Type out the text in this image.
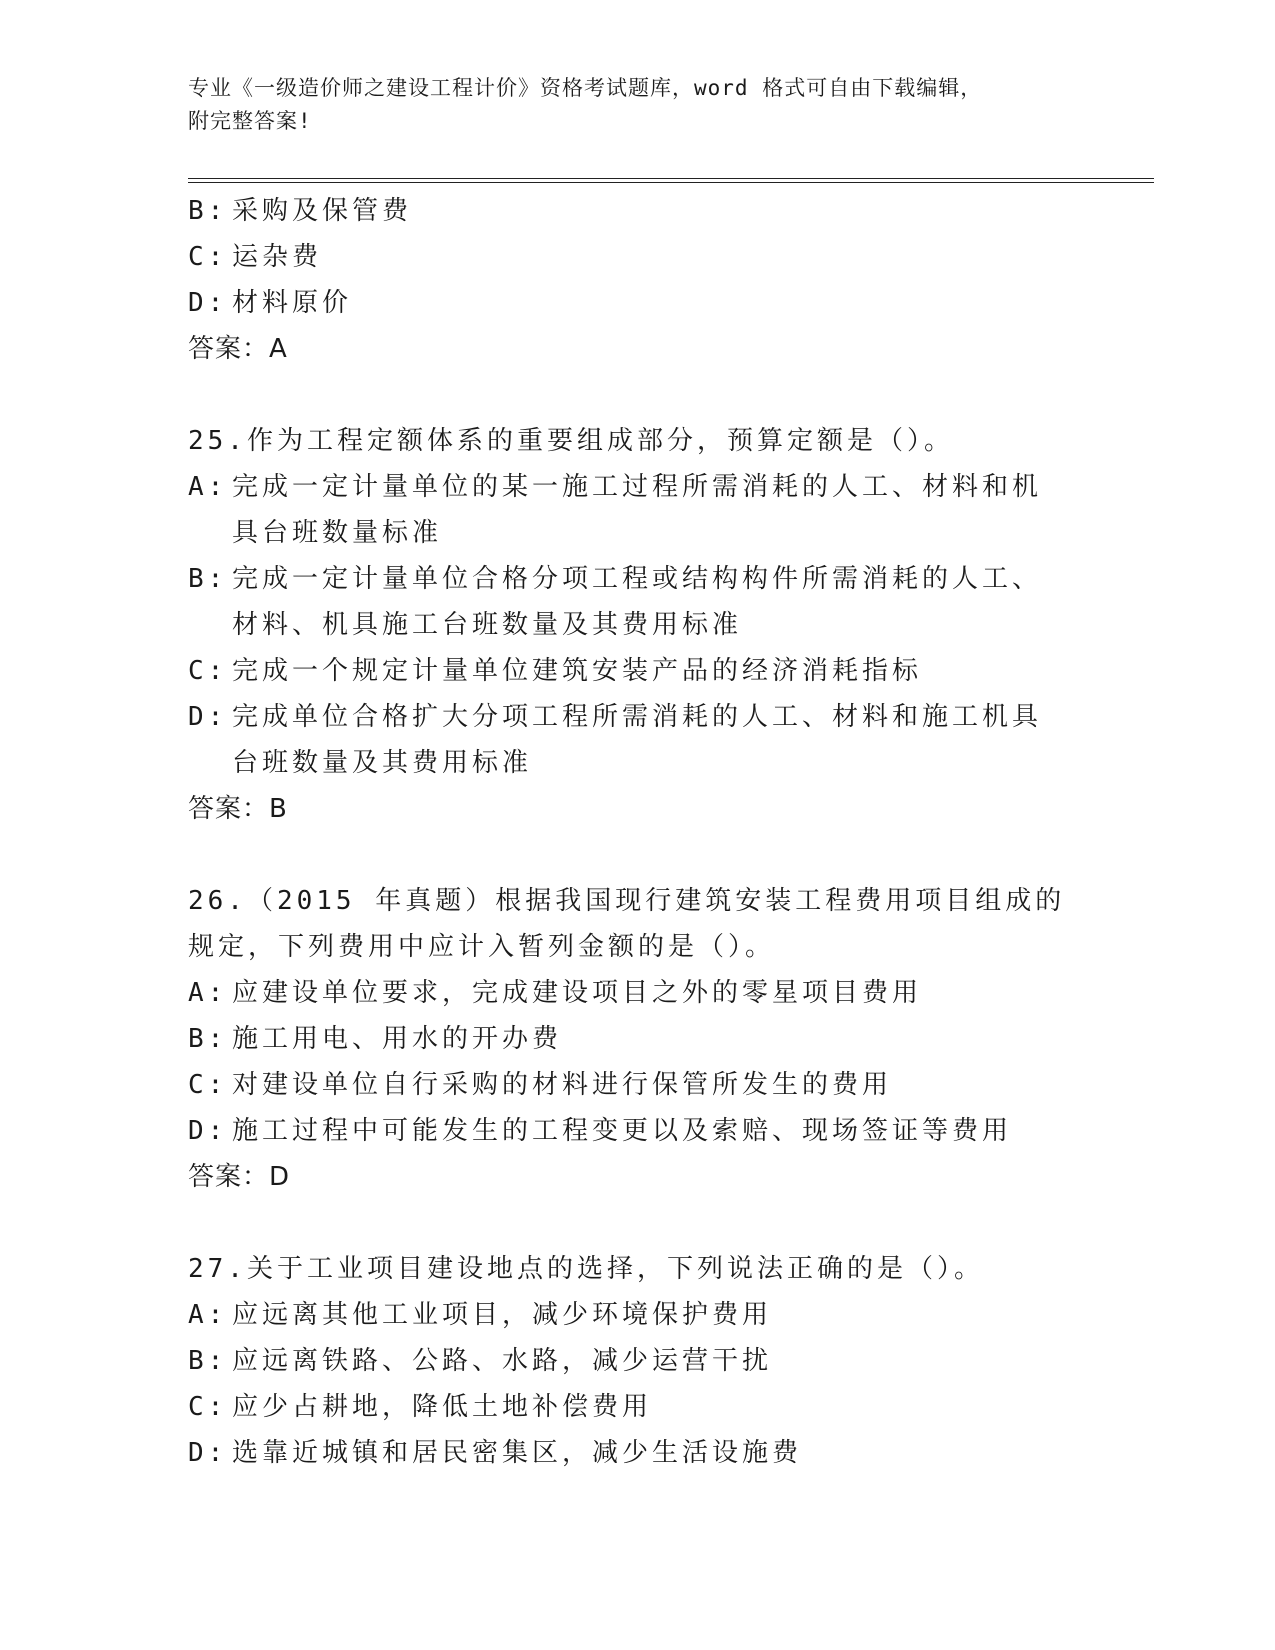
专业《一级造价师之建设工程计价》资格考试题库，word 格式可自由下载编辑，
附完整答案!
B: 采购及保管费
C: 运杂费
D: 材料原价
答案：A
25.作为工程定额体系的重要组成部分，预算定额是（）。
A: 完成一定计量单位的某一施工过程所需消耗的人工、材料和机具台班数量标准
B: 完成一定计量单位合格分项工程或结构构件所需消耗的人工、材料、机具施工台班数量及其费用标准
C: 完成一个规定计量单位建筑安装产品的经济消耗指标
D: 完成单位合格扩大分项工程所需消耗的人工、材料和施工机具台班数量及其费用标准
答案：B
26.（2015 年真题）根据我国现行建筑安装工程费用项目组成的规定，下列费用中应计入暂列金额的是（）。
A: 应建设单位要求，完成建设项目之外的零星项目费用
B: 施工用电、用水的开办费
C: 对建设单位自行采购的材料进行保管所发生的费用
D: 施工过程中可能发生的工程变更以及索赔、现场签证等费用
答案：D
27.关于工业项目建设地点的选择，下列说法正确的是（）。
A: 应远离其他工业项目，减少环境保护费用
B: 应远离铁路、公路、水路，减少运营干扰
C: 应少占耕地，降低土地补偿费用
D: 选靠近城镇和居民密集区，减少生活设施费
